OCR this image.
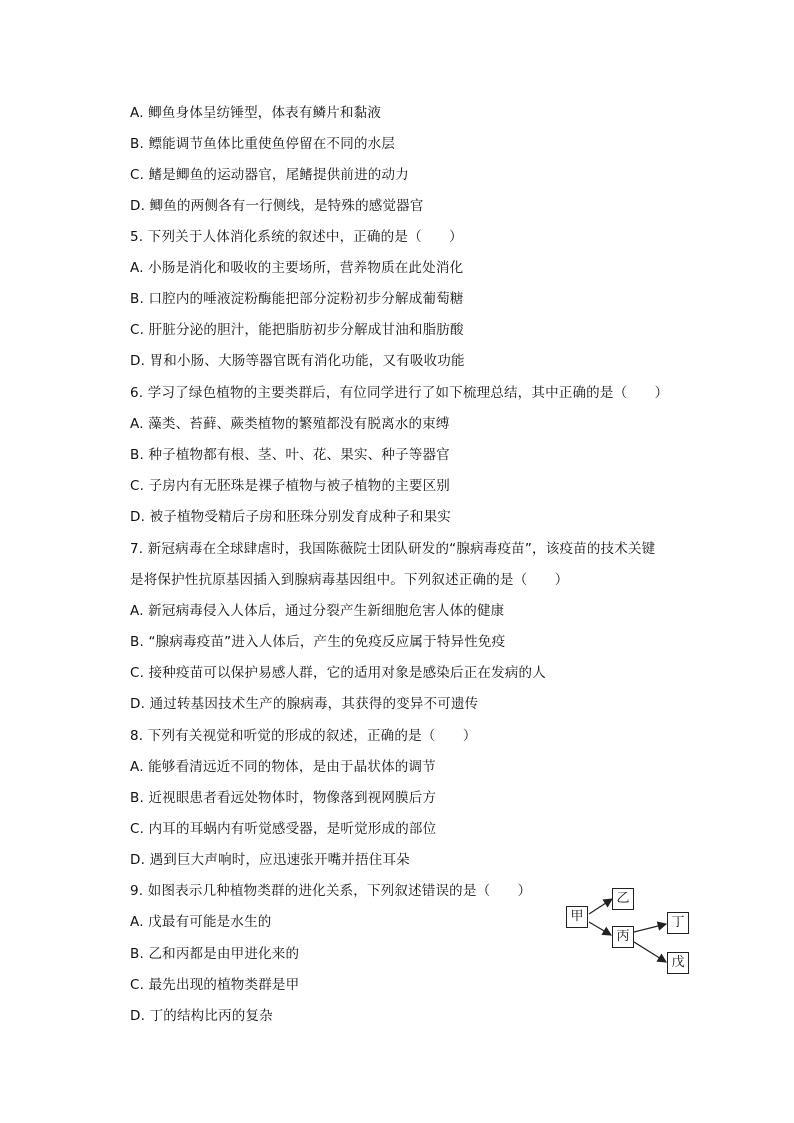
A. 鲫鱼身体呈纺锤型，体表有鳞片和黏液
B. 鳔能调节鱼体比重使鱼停留在不同的水层
C. 鳍是鲫鱼的运动器官，尾鳍提供前进的动力
D. 鲫鱼的两侧各有一行侧线，是特殊的感觉器官
5. 下列关于人体消化系统的叙述中，正确的是（　　）
A. 小肠是消化和吸收的主要场所，营养物质在此处消化
B. 口腔内的唾液淀粉酶能把部分淀粉初步分解成葡萄糖
C. 肝脏分泌的胆汁，能把脂肪初步分解成甘油和脂肪酸
D. 胃和小肠、大肠等器官既有消化功能，又有吸收功能
6. 学习了绿色植物的主要类群后，有位同学进行了如下梳理总结，其中正确的是（　　）
A. 藻类、苔藓、蕨类植物的繁殖都没有脱离水的束缚
B. 种子植物都有根、茎、叶、花、果实、种子等器官
C. 子房内有无胚珠是裸子植物与被子植物的主要区别
D. 被子植物受精后子房和胚珠分别发育成种子和果实
7. 新冠病毒在全球肆虐时，我国陈薇院士团队研发的“腺病毒疫苗”，该疫苗的技术关键
是将保护性抗原基因插入到腺病毒基因组中。下列叙述正确的是（　　）
A. 新冠病毒侵入人体后，通过分裂产生新细胞危害人体的健康
B. “腺病毒疫苗”进入人体后，产生的免疫反应属于特异性免疫
C. 接种疫苗可以保护易感人群，它的适用对象是感染后正在发病的人
D. 通过转基因技术生产的腺病毒，其获得的变异不可遗传
8. 下列有关视觉和听觉的形成的叙述，正确的是（　　）
A. 能够看清远近不同的物体，是由于晶状体的调节
B. 近视眼患者看远处物体时，物像落到视网膜后方
C. 内耳的耳蜗内有听觉感受器，是听觉形成的部位
D. 遇到巨大声响时，应迅速张开嘴并捂住耳朵
9. 如图表示几种植物类群的进化关系，下列叙述错误的是（　　）
A. 戊最有可能是水生的
B. 乙和丙都是由甲进化来的
C. 最先出现的植物类群是甲
D. 丁的结构比丙的复杂
甲
乙
丙
丁
戊
